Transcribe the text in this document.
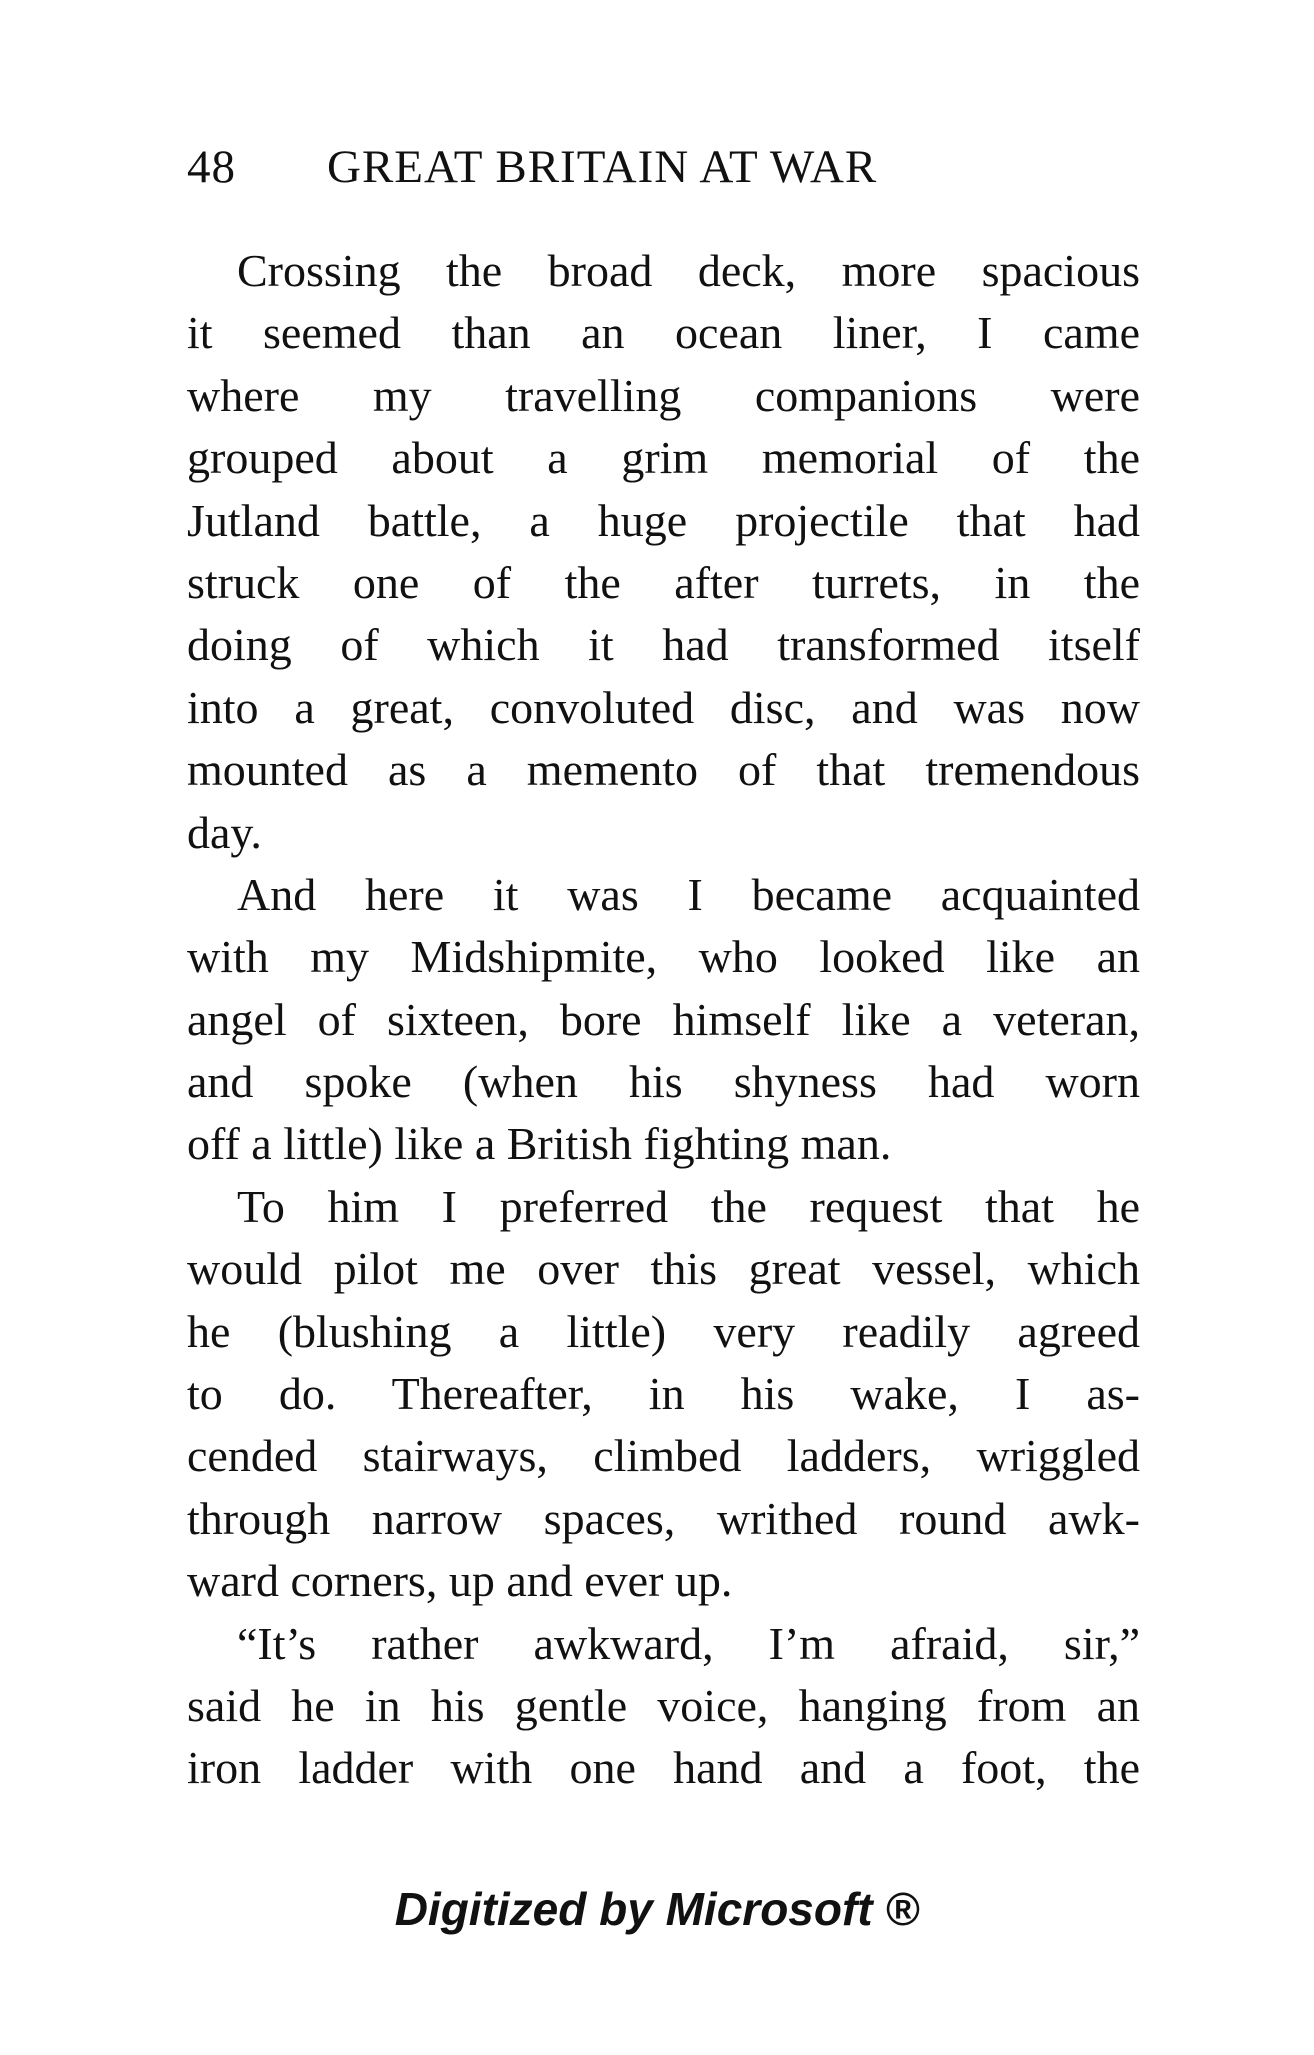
48 GREAT BRITAIN AT WAR
Crossing the broad deck, more spacious
it seemed than an ocean liner, I came
where my travelling companions were
grouped about a grim memorial of the
Jutland battle, a huge projectile that had
struck one of the after turrets, in the
doing of which it had transformed itself
into a great, convoluted disc, and was now
mounted as a memento of that tremendous
day.
And here it was I became acquainted
with my Midshipmite, who looked like an
angel of sixteen, bore himself like a veteran,
and spoke (when his shyness had worn
off a little) like a British fighting man.
To him I preferred the request that he
would pilot me over this great vessel, which
he (blushing a little) very readily agreed
to do. Thereafter, in his wake, I as-
cended stairways, climbed ladders, wriggled
through narrow spaces, writhed round awk-
ward corners, up and ever up.
“It’s rather awkward, I’m afraid, sir,”
said he in his gentle voice, hanging from an
iron ladder with one hand and a foot, the
Digitized by Microsoft ®
